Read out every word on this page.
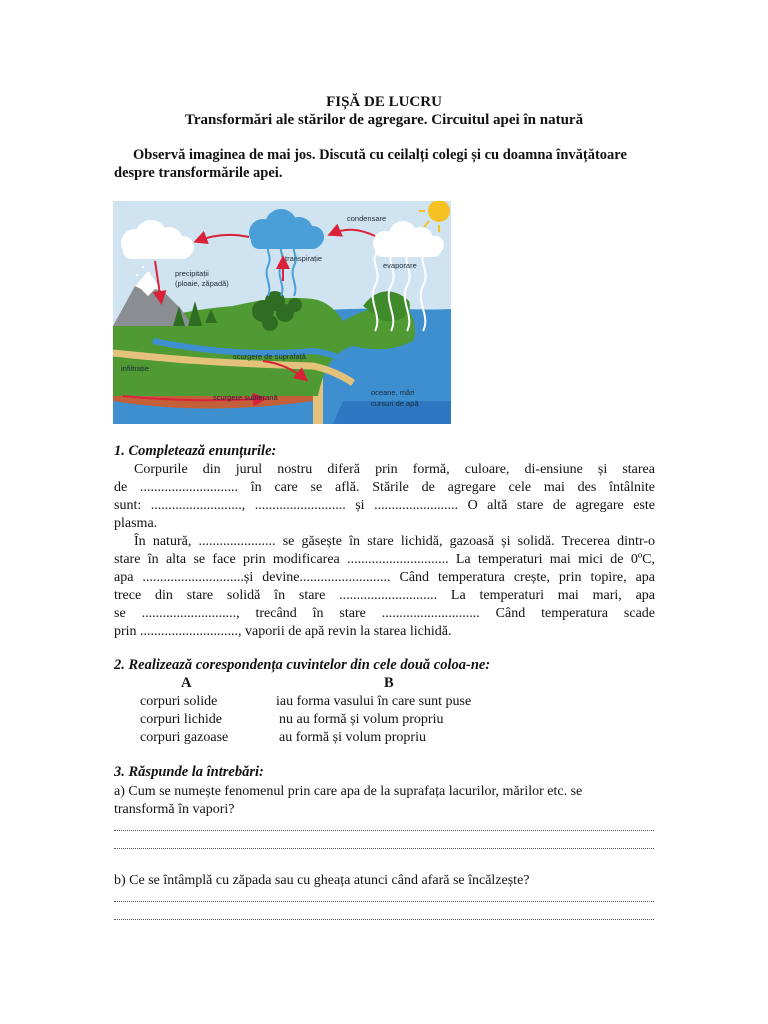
FIȘĂ DE LUCRU
Transformări ale stărilor de agregare. Circuitul apei în natură
Observă imaginea de mai jos. Discută cu ceilalți colegi și cu doamna învățătoare
despre transformările apei.
condensare
transpirație
evaporare
precipitații
(ploaie, zăpadă)
scurgere de suprafață
infiltrație
scurgere subterană
oceane, mări
cursuri de apă
1. Completează enunțurile:
Corpurile din jurul nostru diferă prin formă, culoare, di-ensiune și starea
de ............................ în care se află. Stările de agregare cele mai des întâlnite
sunt: .........................., .......................... și ........................ O altă stare de agregare este
plasma.
În natură, ...................... se găsește în stare lichidă, gazoasă și solidă. Trecerea dintr-o
stare în alta se face prin modificarea ............................. La temperaturi mai mici de 0ºC,
apa .............................și devine.......................... Când temperatura crește, prin topire, apa
trece din stare solidă în stare ............................ La temperaturi mai mari, apa
se ..........................., trecând în stare ............................ Când temperatura scade
prin ............................, vaporii de apă revin la starea lichidă.
2. Realizează corespondența cuvintelor din cele două coloa-ne:
A	B
corpuri solide	iau forma vasului în care sunt puse
corpuri lichide	nu au formă și volum propriu
corpuri gazoase	au formă și volum propriu
3. Răspunde la întrebări:
a) Cum se numește fenomenul prin care apa de la suprafața lacurilor, mărilor etc. se
transformă în vapori?
b) Ce se întâmplă cu zăpada sau cu gheața atunci când afară se încălzește?
